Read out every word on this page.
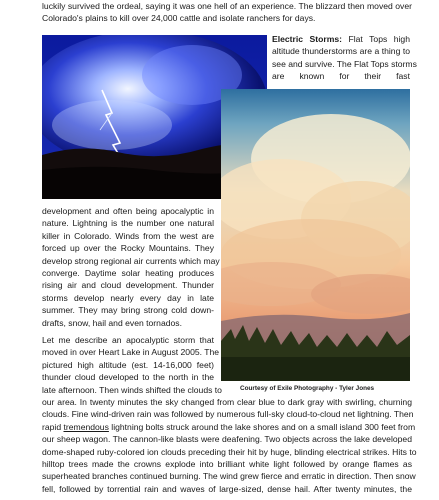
luckily survived the ordeal, saying it was one hell of an experience. The blizzard then moved over
Colorado's plains to kill over 24,000 cattle and isolate ranchers for days.

Electric Storms: Flat Tops high
altitude thunderstorms are a thing to
see and survive. The Flat Tops storms
are known for their fast
development and often being apocalyptic in
nature. Lightning is the number one natural
killer in Colorado. Winds from the west are
forced up over the Rocky Mountains. They
develop strong regional air currents which may
converge. Daytime solar heating produces
rising air and cloud development. Thunder
storms develop nearly every day in late
summer. They may bring strong cold down-
drafts, snow, hail and even tornados.
Let me describe an apocalyptic storm that
moved in over Heart Lake in August 2005. The
pictured high altitude (est. 14-16,000 feet)
thunder cloud developed to the north in the
late afternoon. Then winds shifted the clouds to	Courtesy of Exile Photography - Tyler Jones

our area. In twenty minutes the sky changed from clear blue to dark gray with swirling, churning
clouds. Fine wind-driven rain was followed by numerous full-sky cloud-to-cloud net lightning. Then
rapid tremendous lightning bolts struck around the lake shores and on a small island 300 feet from
our sheep wagon. The cannon-like blasts were deafening. Two objects across the lake developed
dome-shaped ruby-colored ion clouds preceding their hit by huge, blinding electrical strikes. Hits to
hilltop trees made the crowns explode into brilliant white light followed by orange flames as
superheated branches continued burning. The wind grew fierce and erratic in direction. Then snow
fell, followed by torrential rain and waves of large-sized, dense hail. After twenty minutes, the
